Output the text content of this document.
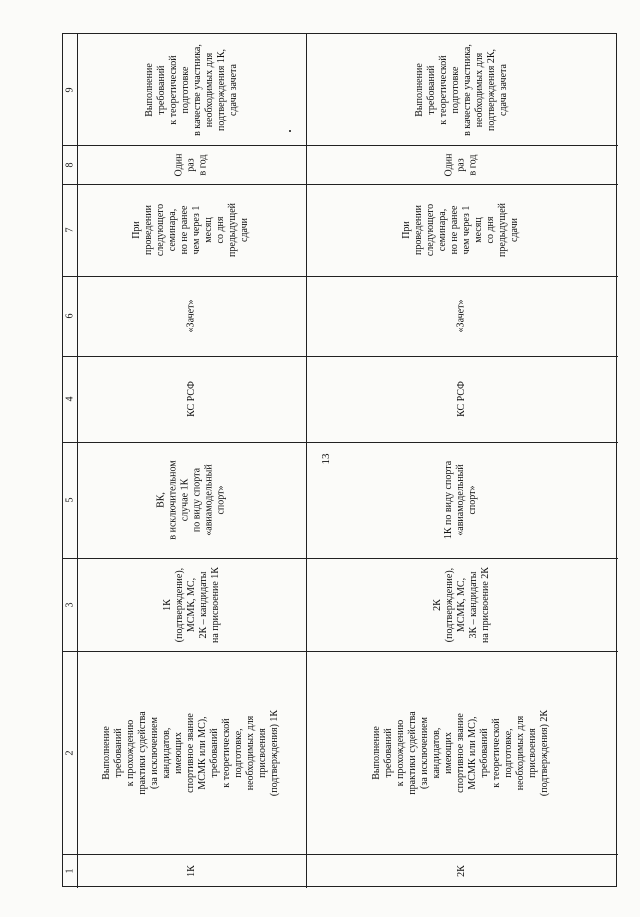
13
1
2
3
5
4
6
7
8
9
1К
Выполнение
требований
к прохождению
практики судейства
(за исключением
кандидатов,
имеющих
спортивное звание
МСМК или МС),
требований
к теоретической
подготовке,
необходимых для
присвоения
(подтверждения) 1К
1К
(подтверждение),
МСМК, МС,
2К – кандидаты
на присвоение 1К
ВК,
в исключительном
случае 1К
по виду спорта
«авиамодельный
спорт»
КС РСФ
«Зачет»
При
проведении
следующего
семинара,
но не ранее
чем через 1
месяц
со дня
предыдущей
сдачи
Один
раз
в год
Выполнение
требований
к теоретической
подготовке
в качестве участника,
необходимых для
подтверждения 1К,
сдача зачета
2К
Выполнение
требований
к прохождению
практики судейства
(за исключением
кандидатов,
имеющих
спортивное звание
МСМК или МС),
требований
к теоретической
подготовке,
необходимых для
присвоения
(подтверждения) 2К
2К
(подтверждение),
МСМК, МС,
3К – кандидаты
на присвоение 2К
1К по виду спорта
«авиамодельный
спорт»
КС РСФ
«Зачет»
При
проведении
следующего
семинара,
но не ранее
чем через 1
месяц
со дня
предыдущей
сдачи
Один
раз
в год
Выполнение
требований
к теоретической
подготовке
в качестве участника,
необходимых для
подтверждения 2К,
сдача зачета
